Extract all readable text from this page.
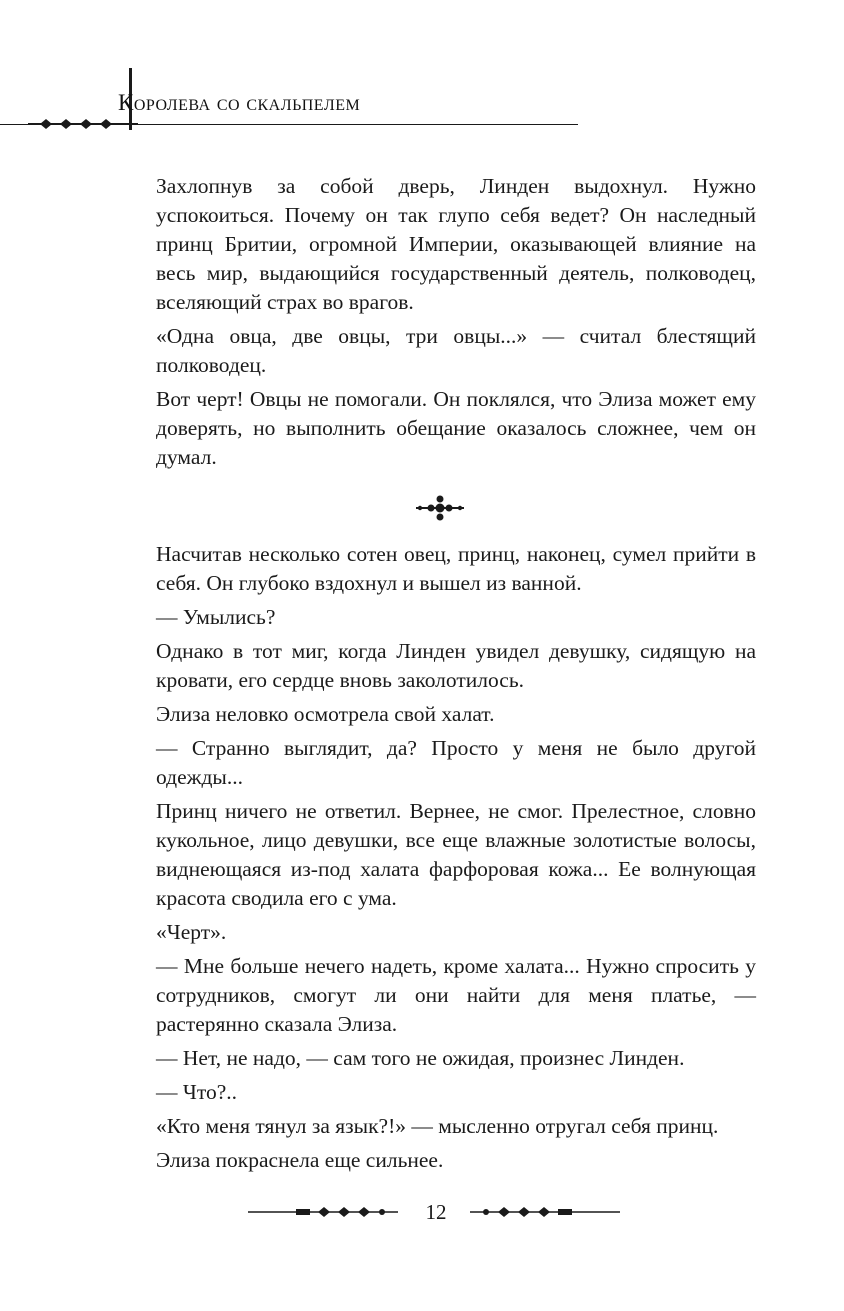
Королева со скальпелем

Захлопнув за собой дверь, Линден выдохнул. Нужно успокоиться. Почему он так глупо себя ведет? Он наследный принц Бритии, огромной Империи, оказывающей влияние на весь мир, выдающийся государственный деятель, полководец, вселяющий страх во врагов.

«Одна овца, две овцы, три овцы...» — считал блестящий полководец.

Вот черт! Овцы не помогали. Он поклялся, что Элиза может ему доверять, но выполнить обещание оказалось сложнее, чем он думал.

Насчитав несколько сотен овец, принц, наконец, сумел прийти в себя. Он глубоко вздохнул и вышел из ванной.

— Умылись?

Однако в тот миг, когда Линден увидел девушку, сидящую на кровати, его сердце вновь заколотилось.

Элиза неловко осмотрела свой халат.

— Странно выглядит, да? Просто у меня не было другой одежды...

Принц ничего не ответил. Вернее, не смог. Прелестное, словно кукольное, лицо девушки, все еще влажные золотистые волосы, виднеющаяся из-под халата фарфоровая кожа... Ее волнующая красота сводила его с ума.

«Черт».

— Мне больше нечего надеть, кроме халата... Нужно спросить у сотрудников, смогут ли они найти для меня платье, — растерянно сказала Элиза.

— Нет, не надо, — сам того не ожидая, произнес Линден.

— Что?..

«Кто меня тянул за язык?!» — мысленно отругал себя принц.

Элиза покраснела еще сильнее.

12
